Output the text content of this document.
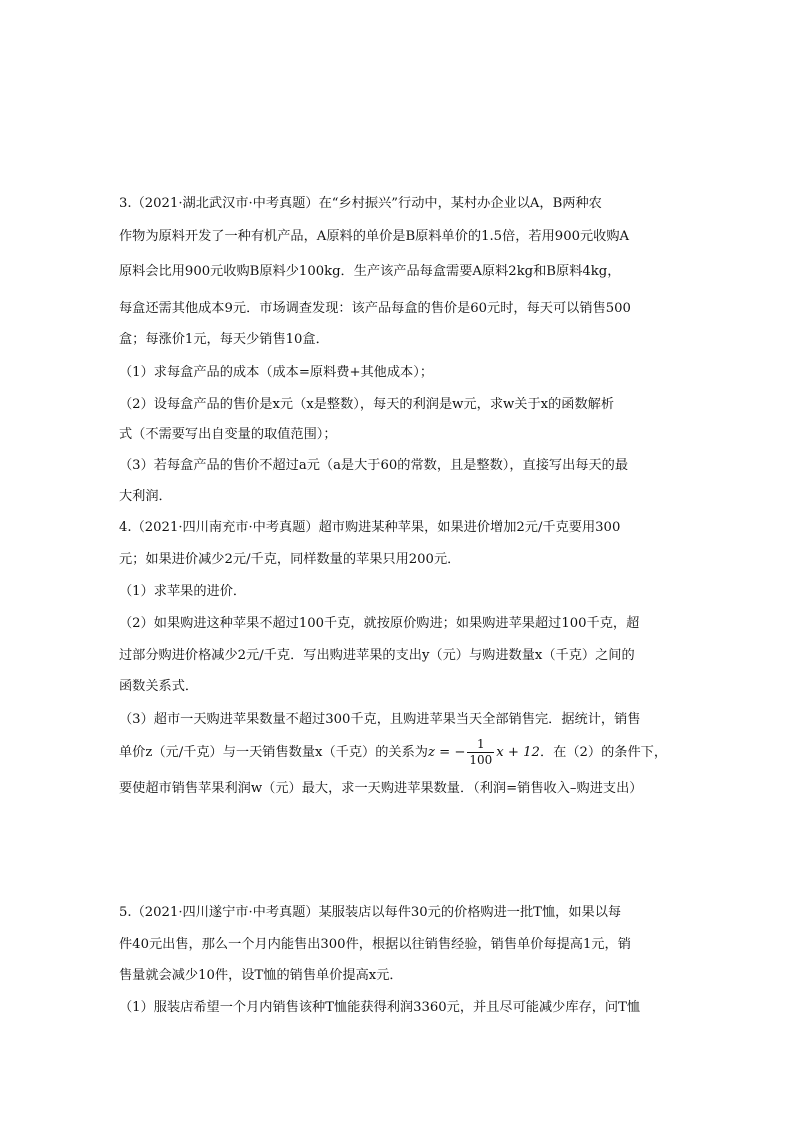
3.（2021·湖北武汉市·中考真题）在“乡村振兴”行动中，某村办企业以A，B两种农
作物为原料开发了一种有机产品，A原料的单价是B原料单价的1.5倍，若用900元收购A
原料会比用900元收购B原料少100kg．生产该产品每盒需要A原料2kg和B原料4kg，
每盒还需其他成本9元．市场调查发现：该产品每盒的售价是60元时，每天可以销售500
盒；每涨价1元，每天少销售10盒．
（1）求每盒产品的成本（成本=原料费+其他成本）；
（2）设每盒产品的售价是x元（x是整数），每天的利润是w元，求w关于x的函数解析
式（不需要写出自变量的取值范围）；
（3）若每盒产品的售价不超过a元（a是大于60的常数，且是整数），直接写出每天的最
大利润．
4.（2021·四川南充市·中考真题）超市购进某种苹果，如果进价增加2元/千克要用300
元；如果进价减少2元/千克，同样数量的苹果只用200元．
（1）求苹果的进价．
（2）如果购进这种苹果不超过100千克，就按原价购进；如果购进苹果超过100千克，超
过部分购进价格减少2元/千克．写出购进苹果的支出y（元）与购进数量x（千克）之间的
函数关系式．
（3）超市一天购进苹果数量不超过300千克，且购进苹果当天全部销售完．据统计，销售
单价z（元/千克）与一天销售数量x（千克）的关系为z = − $\frac{1}{100}$ x + 12．在（2）的条件下，
要使超市销售苹果利润w（元）最大，求一天购进苹果数量．（利润=销售收入–购进支出）
5.（2021·四川遂宁市·中考真题）某服装店以每件30元的价格购进一批T恤，如果以每
件40元出售，那么一个月内能售出300件，根据以往销售经验，销售单价每提高1元，销
售量就会减少10件，设T恤的销售单价提高x元．
（1）服装店希望一个月内销售该种T恤能获得利润3360元，并且尽可能减少库存，问T恤
